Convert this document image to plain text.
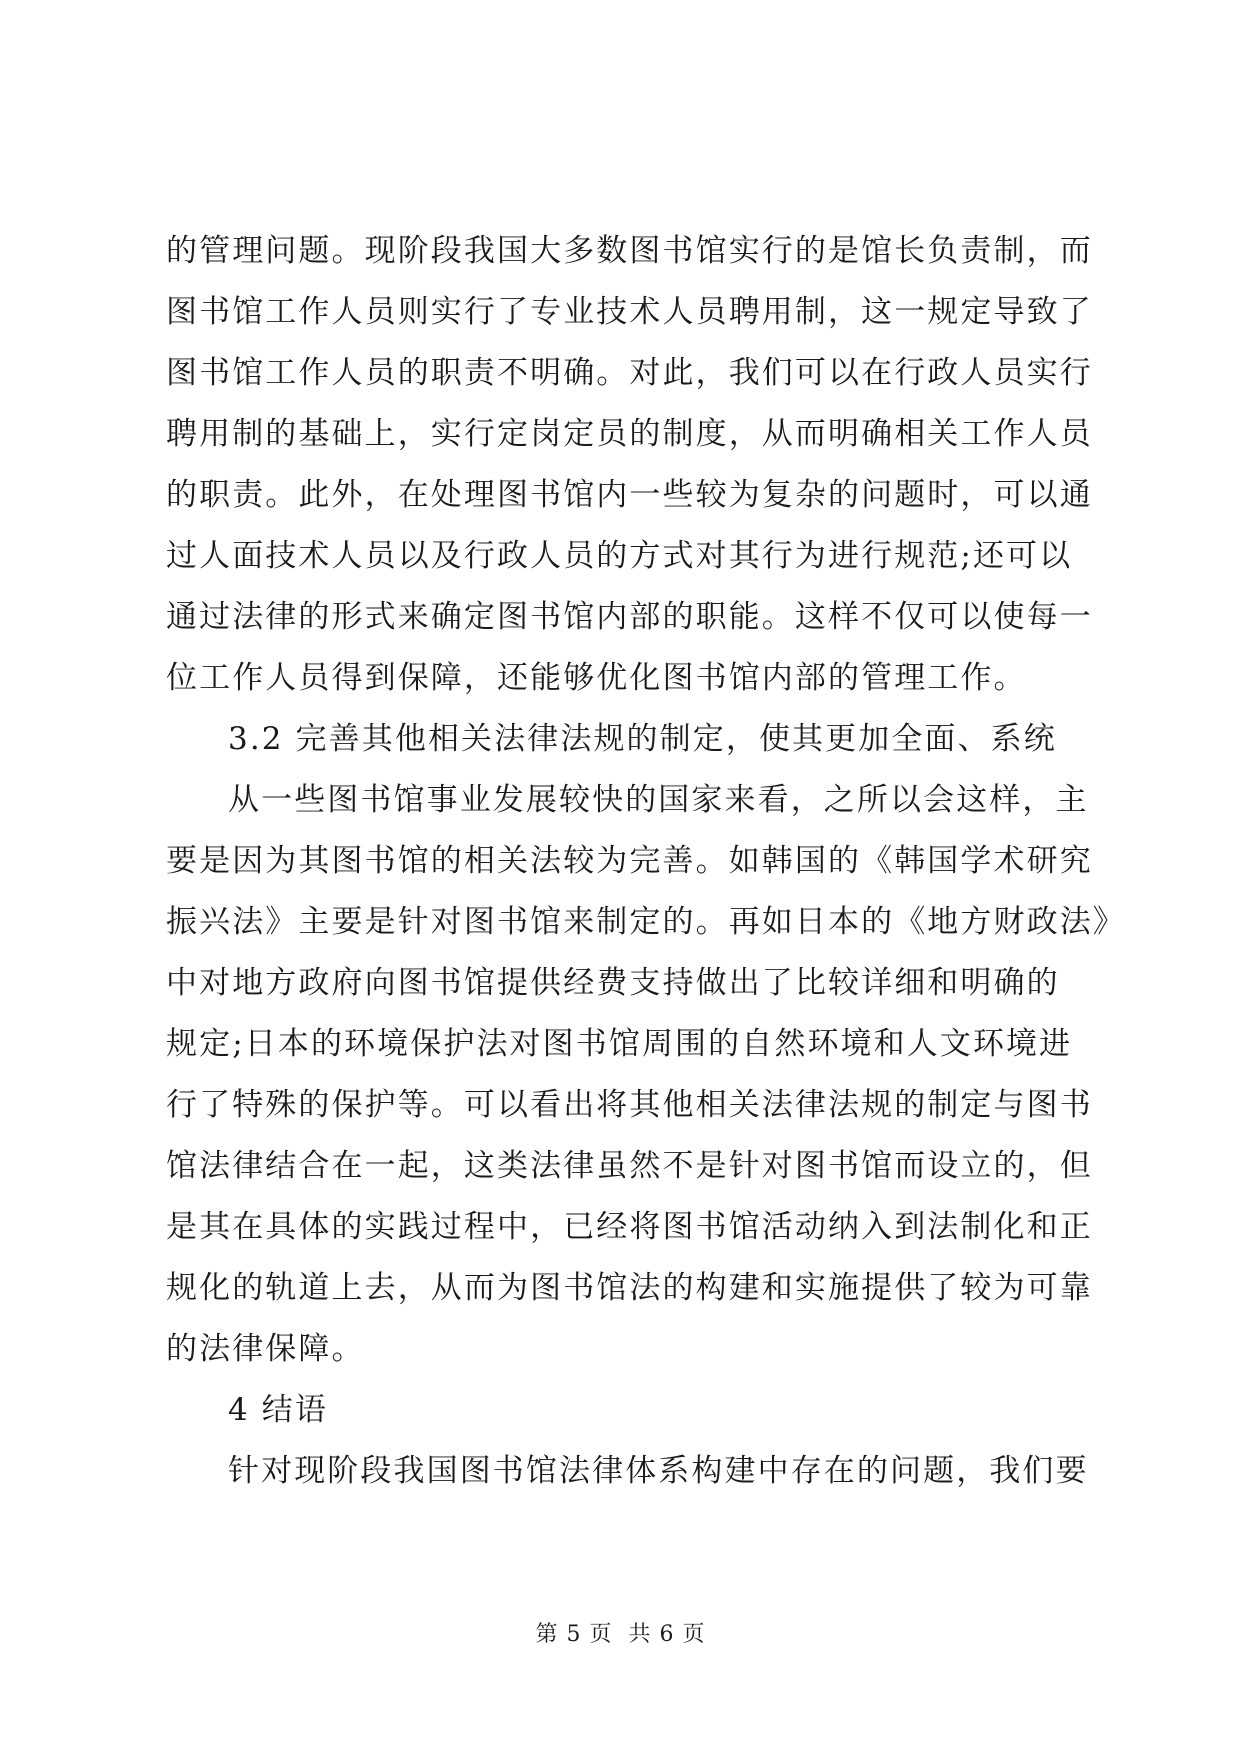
的管理问题。现阶段我国大多数图书馆实行的是馆长负责制，而
图书馆工作人员则实行了专业技术人员聘用制，这一规定导致了
图书馆工作人员的职责不明确。对此，我们可以在行政人员实行
聘用制的基础上，实行定岗定员的制度，从而明确相关工作人员
的职责。此外，在处理图书馆内一些较为复杂的问题时，可以通
过人面技术人员以及行政人员的方式对其行为进行规范;还可以
通过法律的形式来确定图书馆内部的职能。这样不仅可以使每一
位工作人员得到保障，还能够优化图书馆内部的管理工作。
3.2 完善其他相关法律法规的制定，使其更加全面、系统
从一些图书馆事业发展较快的国家来看，之所以会这样，主
要是因为其图书馆的相关法较为完善。如韩国的《韩国学术研究
振兴法》主要是针对图书馆来制定的。再如日本的《地方财政法》
中对地方政府向图书馆提供经费支持做出了比较详细和明确的
规定;日本的环境保护法对图书馆周围的自然环境和人文环境进
行了特殊的保护等。可以看出将其他相关法律法规的制定与图书
馆法律结合在一起，这类法律虽然不是针对图书馆而设立的，但
是其在具体的实践过程中，已经将图书馆活动纳入到法制化和正
规化的轨道上去，从而为图书馆法的构建和实施提供了较为可靠
的法律保障。
4 结语
针对现阶段我国图书馆法律体系构建中存在的问题，我们要
第 5 页 共 6 页
